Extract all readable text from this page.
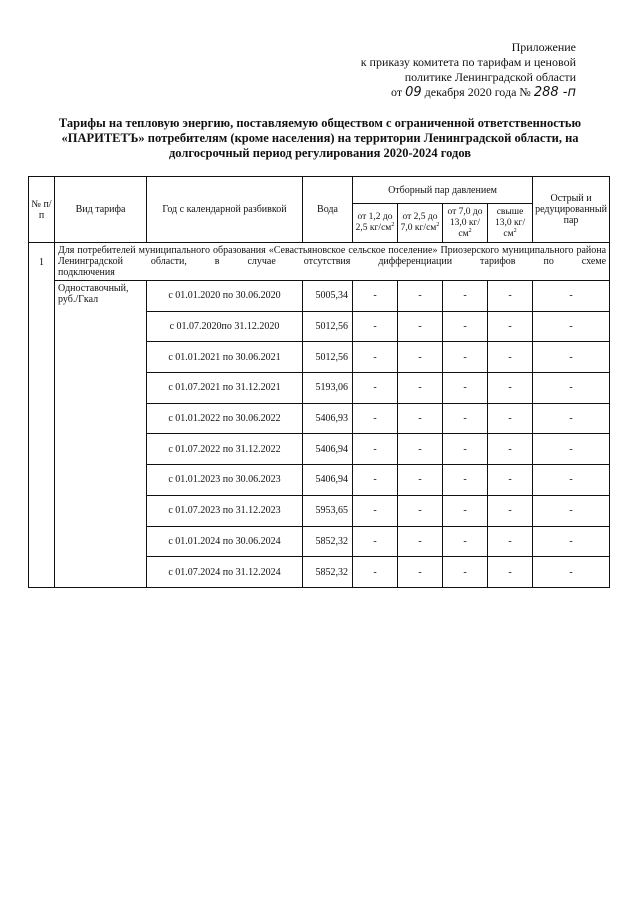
Приложение
к приказу комитета по тарифам и ценовой
политике Ленинградской области
от 09 декабря 2020 года № 288 -п
Тарифы на тепловую энергию, поставляемую обществом с ограниченной ответственностью
«ПАРИТЕТЪ» потребителям (кроме населения) на территории Ленинградской области, на
долгосрочный период регулирования 2020-2024 годов
№ п/п	Вид тарифа	Год с календарной разбивкой	Вода	Отборный пар давлением				Острый и редуцированный пар
				от 1,2 до 2,5 $кг/см^2$	от 2,5 до 7,0 $кг/см^2$	от 7,0 до 13,0 $кг/см^2$	свыше 13,0 $кг/см^2$
1	Для потребителей муниципального образования «Севастьяновское сельское поселение» Приозерского муниципального района Ленинградской области, в случае отсутствия дифференциации тарифов по схеме
подключения							

	Одноставочный, руб./Гкал	с 01.01.2020 по 30.06.2020	5005,34	-	-	-	-	-
		с 01.07.2020по 31.12.2020	5012,56	-	-	-	-	-
		с 01.01.2021 по 30.06.2021	5012,56	-	-	-	-	-
		с 01.07.2021 по 31.12.2021	5193,06	-	-	-	-	-
		с 01.01.2022 по 30.06.2022	5406,93	-	-	-	-	-
		с 01.07.2022 по 31.12.2022	5406,94	-	-	-	-	-
		с 01.01.2023 по 30.06.2023	5406,94	-	-	-	-	-
		с 01.07.2023 по 31.12.2023	5953,65	-	-	-	-	-
		с 01.01.2024 по 30.06.2024	5852,32	-	-	-	-	-
		с 01.07.2024 по 31.12.2024	5852,32	-	-	-	-	-
